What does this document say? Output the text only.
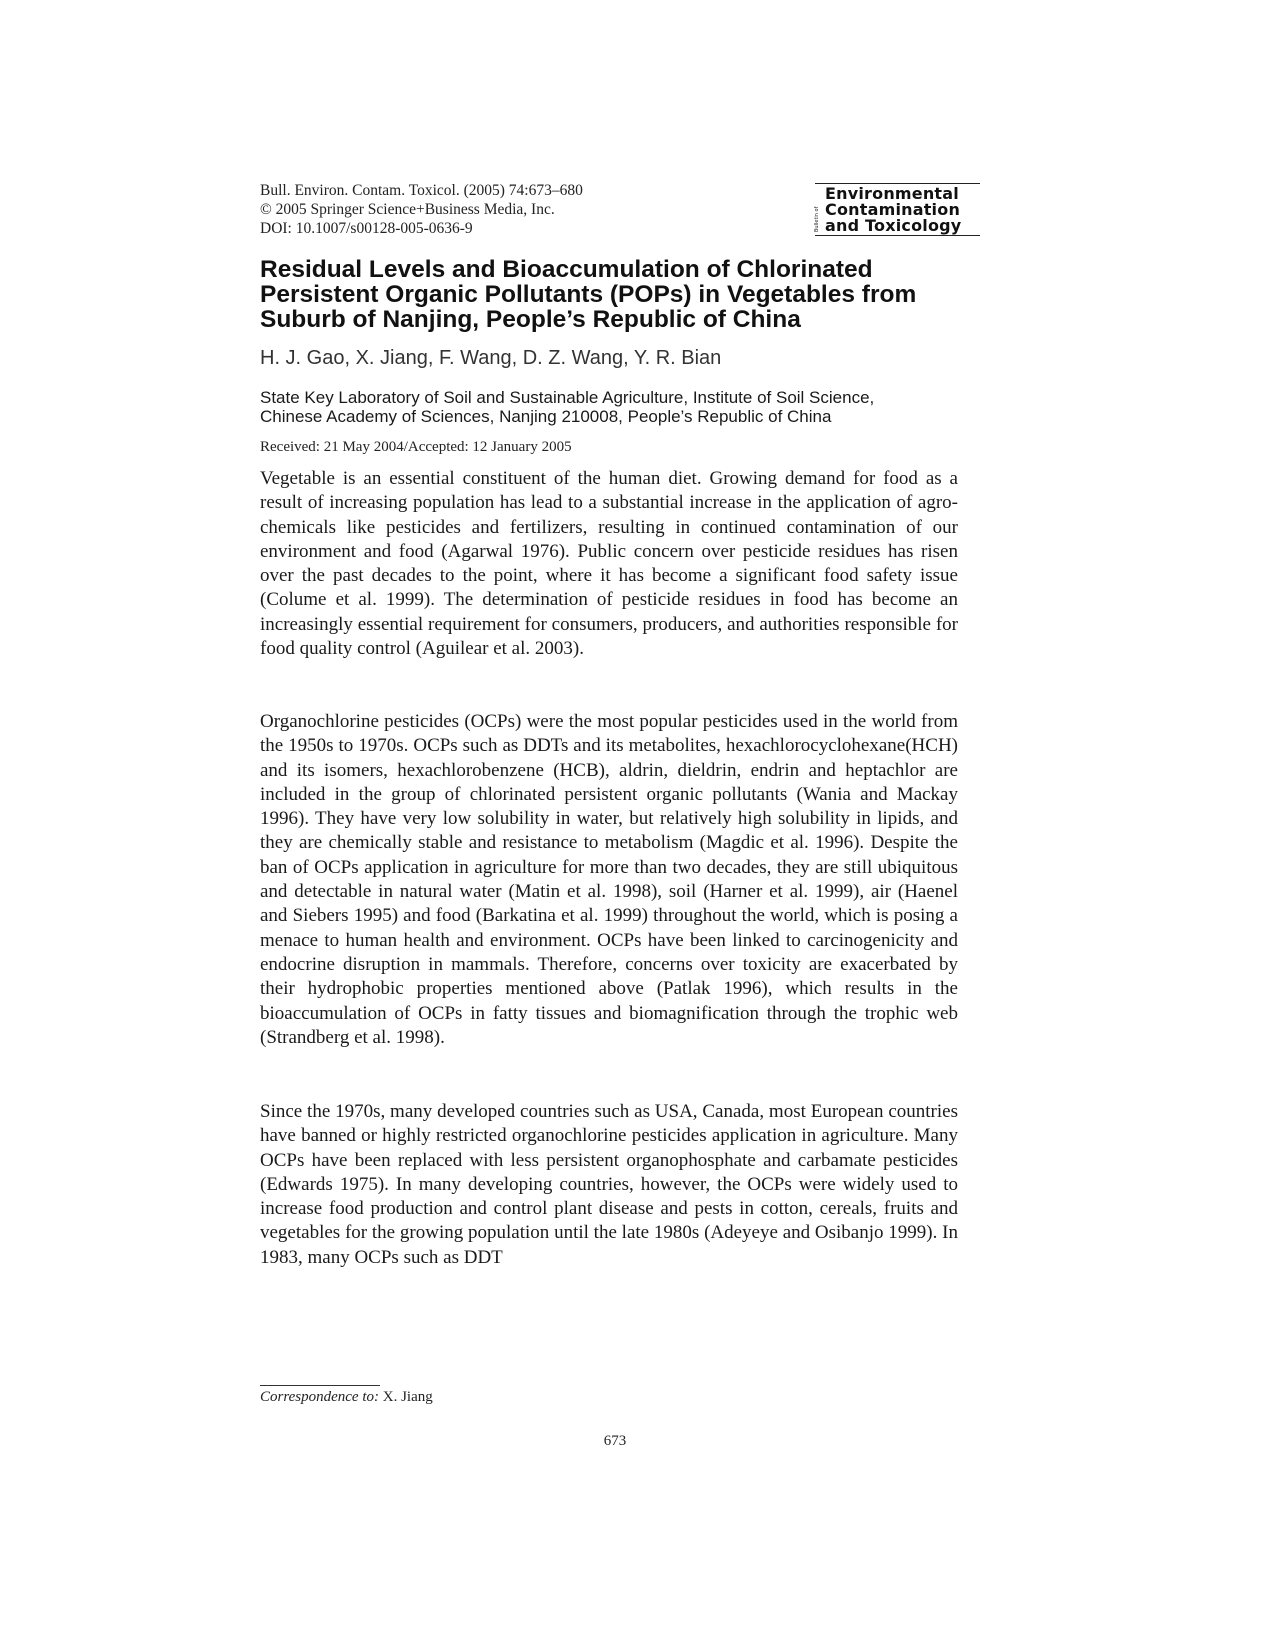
Bull. Environ. Contam. Toxicol. (2005) 74:673–680
© 2005 Springer Science+Business Media, Inc.
DOI: 10.1007/s00128-005-0636-9	Bulletin of
Environmental
Contamination
and Toxicology
Residual Levels and Bioaccumulation of Chlorinated
Persistent Organic Pollutants (POPs) in Vegetables from
Suburb of Nanjing, People’s Republic of China
H. J. Gao, X. Jiang, F. Wang, D. Z. Wang, Y. R. Bian
State Key Laboratory of Soil and Sustainable Agriculture, Institute of Soil Science,
Chinese Academy of Sciences, Nanjing 210008, People’s Republic of China
Received: 21 May 2004/Accepted: 12 January 2005

Vegetable is an essential constituent of the human diet. Growing demand for food as a result of increasing population has lead to a substantial increase in the application of agro-chemicals like pesticides and fertilizers, resulting in continued contamination of our environment and food (Agarwal 1976). Public concern over pesticide residues has risen over the past decades to the point, where it has become a significant food safety issue (Colume et al. 1999). The determination of pesticide residues in food has become an increasingly essential requirement for consumers, producers, and authorities responsible for food quality control (Aguilear et al. 2003).

Organochlorine pesticides (OCPs) were the most popular pesticides used in the world from the 1950s to 1970s. OCPs such as DDTs and its metabolites, hexachlorocyclohexane(HCH) and its isomers, hexachlorobenzene (HCB), aldrin, dieldrin, endrin and heptachlor are included in the group of chlorinated persistent organic pollutants (Wania and Mackay 1996). They have very low solubility in water, but relatively high solubility in lipids, and they are chemically stable and resistance to metabolism (Magdic et al. 1996). Despite the ban of OCPs application in agriculture for more than two decades, they are still ubiquitous and detectable in natural water (Matin et al. 1998), soil (Harner et al. 1999), air (Haenel and Siebers 1995) and food (Barkatina et al. 1999) throughout the world, which is posing a menace to human health and environment. OCPs have been linked to carcinogenicity and endocrine disruption in mammals. Therefore, concerns over toxicity are exacerbated by their hydrophobic properties mentioned above (Patlak 1996), which results in the bioaccumulation of OCPs in fatty tissues and biomagnification through the trophic web (Strandberg et al. 1998).

Since the 1970s, many developed countries such as USA, Canada, most European countries have banned or highly restricted organochlorine pesticides application in agriculture. Many OCPs have been replaced with less persistent organophosphate and carbamate pesticides (Edwards 1975). In many developing countries, however, the OCPs were widely used to increase food production and control plant disease and pests in cotton, cereals, fruits and vegetables for the growing population until the late 1980s (Adeyeye and Osibanjo 1999). In 1983, many OCPs such as DDT

Correspondence to: X. Jiang
673
